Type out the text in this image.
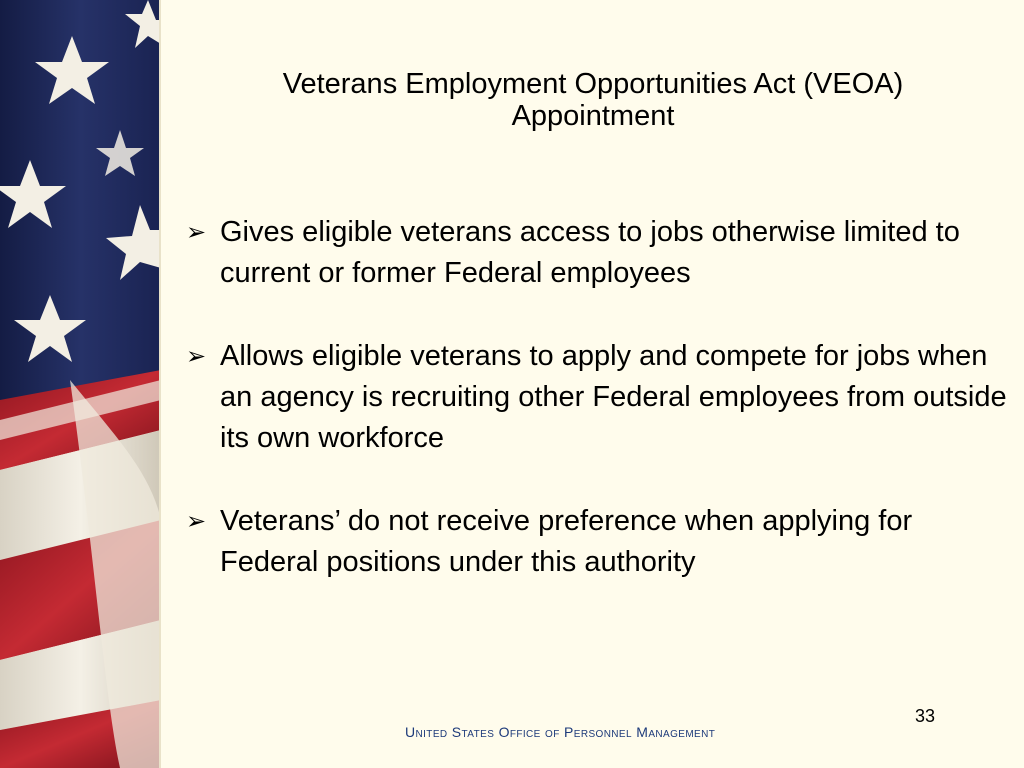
Veterans Employment Opportunities Act (VEOA)
Appointment
➢ Gives eligible veterans access to jobs otherwise limited to current or former Federal employees
➢ Allows eligible veterans to apply and compete for jobs when an agency is recruiting other Federal employees from outside its own workforce
➢ Veterans’ do not receive preference when applying for Federal positions under this authority
33
United States Office of Personnel Management
